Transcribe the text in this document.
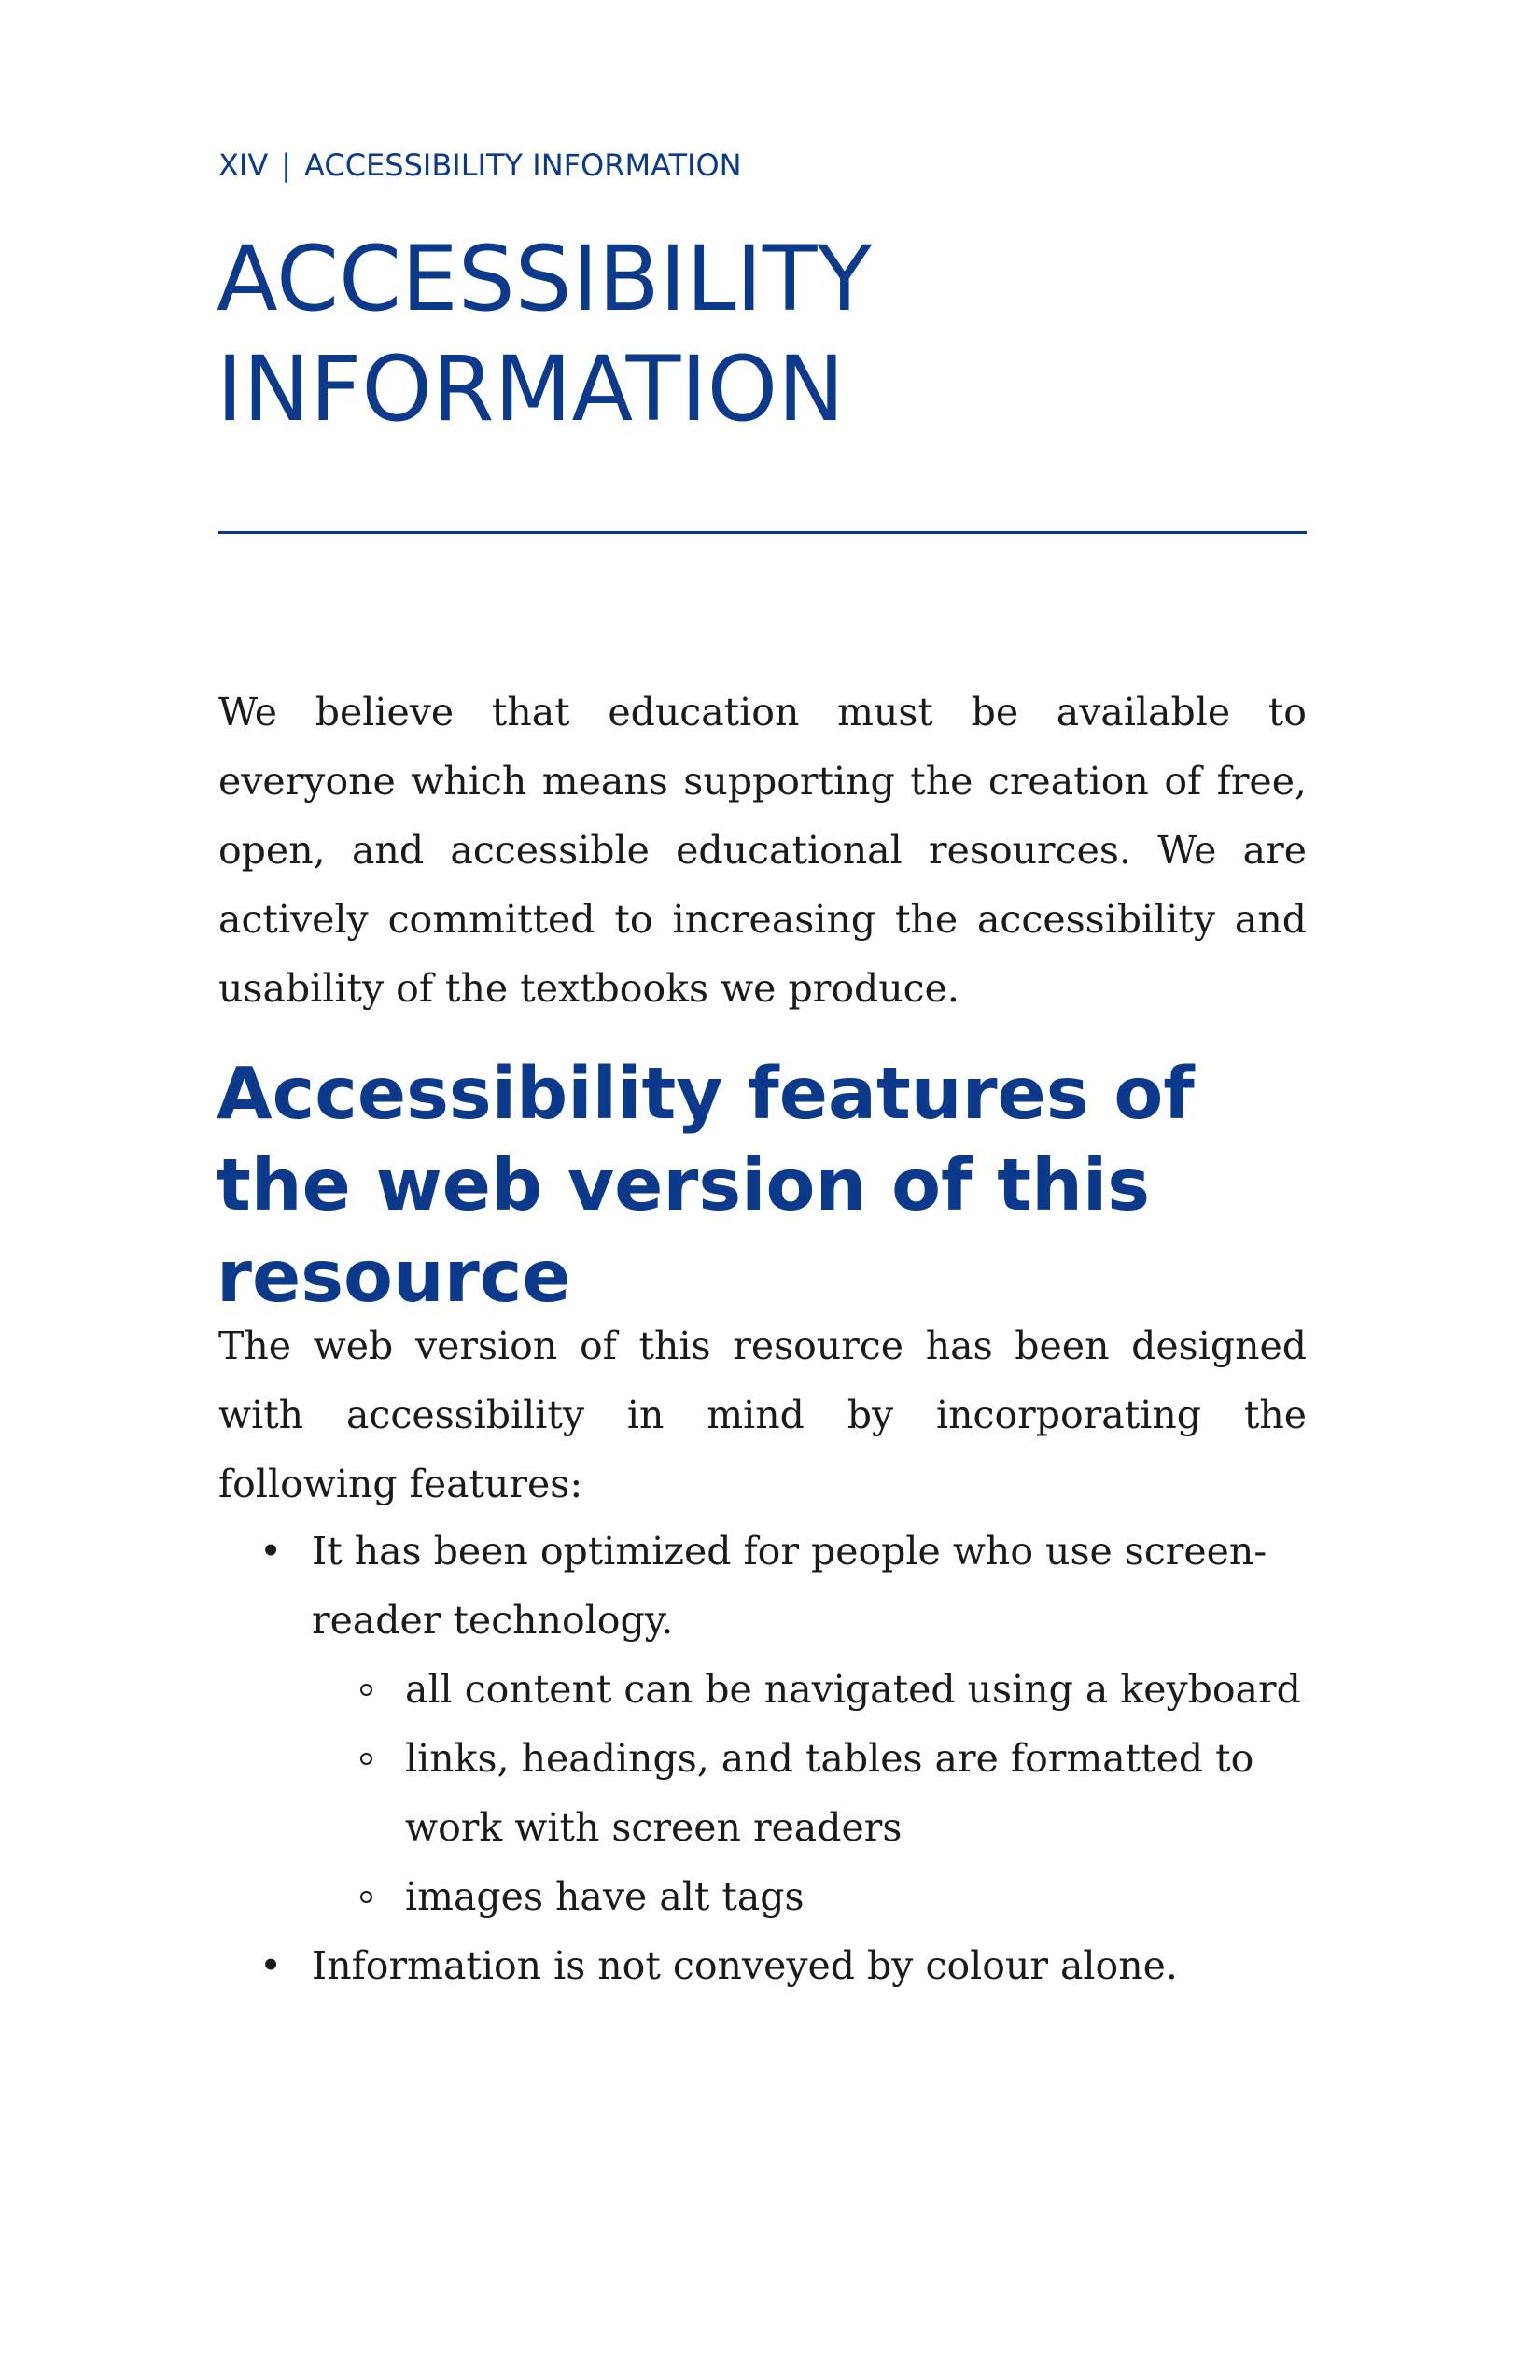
XIV | ACCESSIBILITY INFORMATION
ACCESSIBILITY INFORMATION

We believe that education must be available to everyone which means supporting the creation of free, open, and accessible educational resources. We are actively committed to increasing the accessibility and usability of the textbooks we produce.

Accessibility features of the web version of this resource

The web version of this resource has been designed with accessibility in mind by incorporating the following features:

• It has been optimized for people who use screen-reader technology.
all content can be navigated using a keyboard
links, headings, and tables are formatted to work with screen readers
images have alt tags
• Information is not conveyed by colour alone.
